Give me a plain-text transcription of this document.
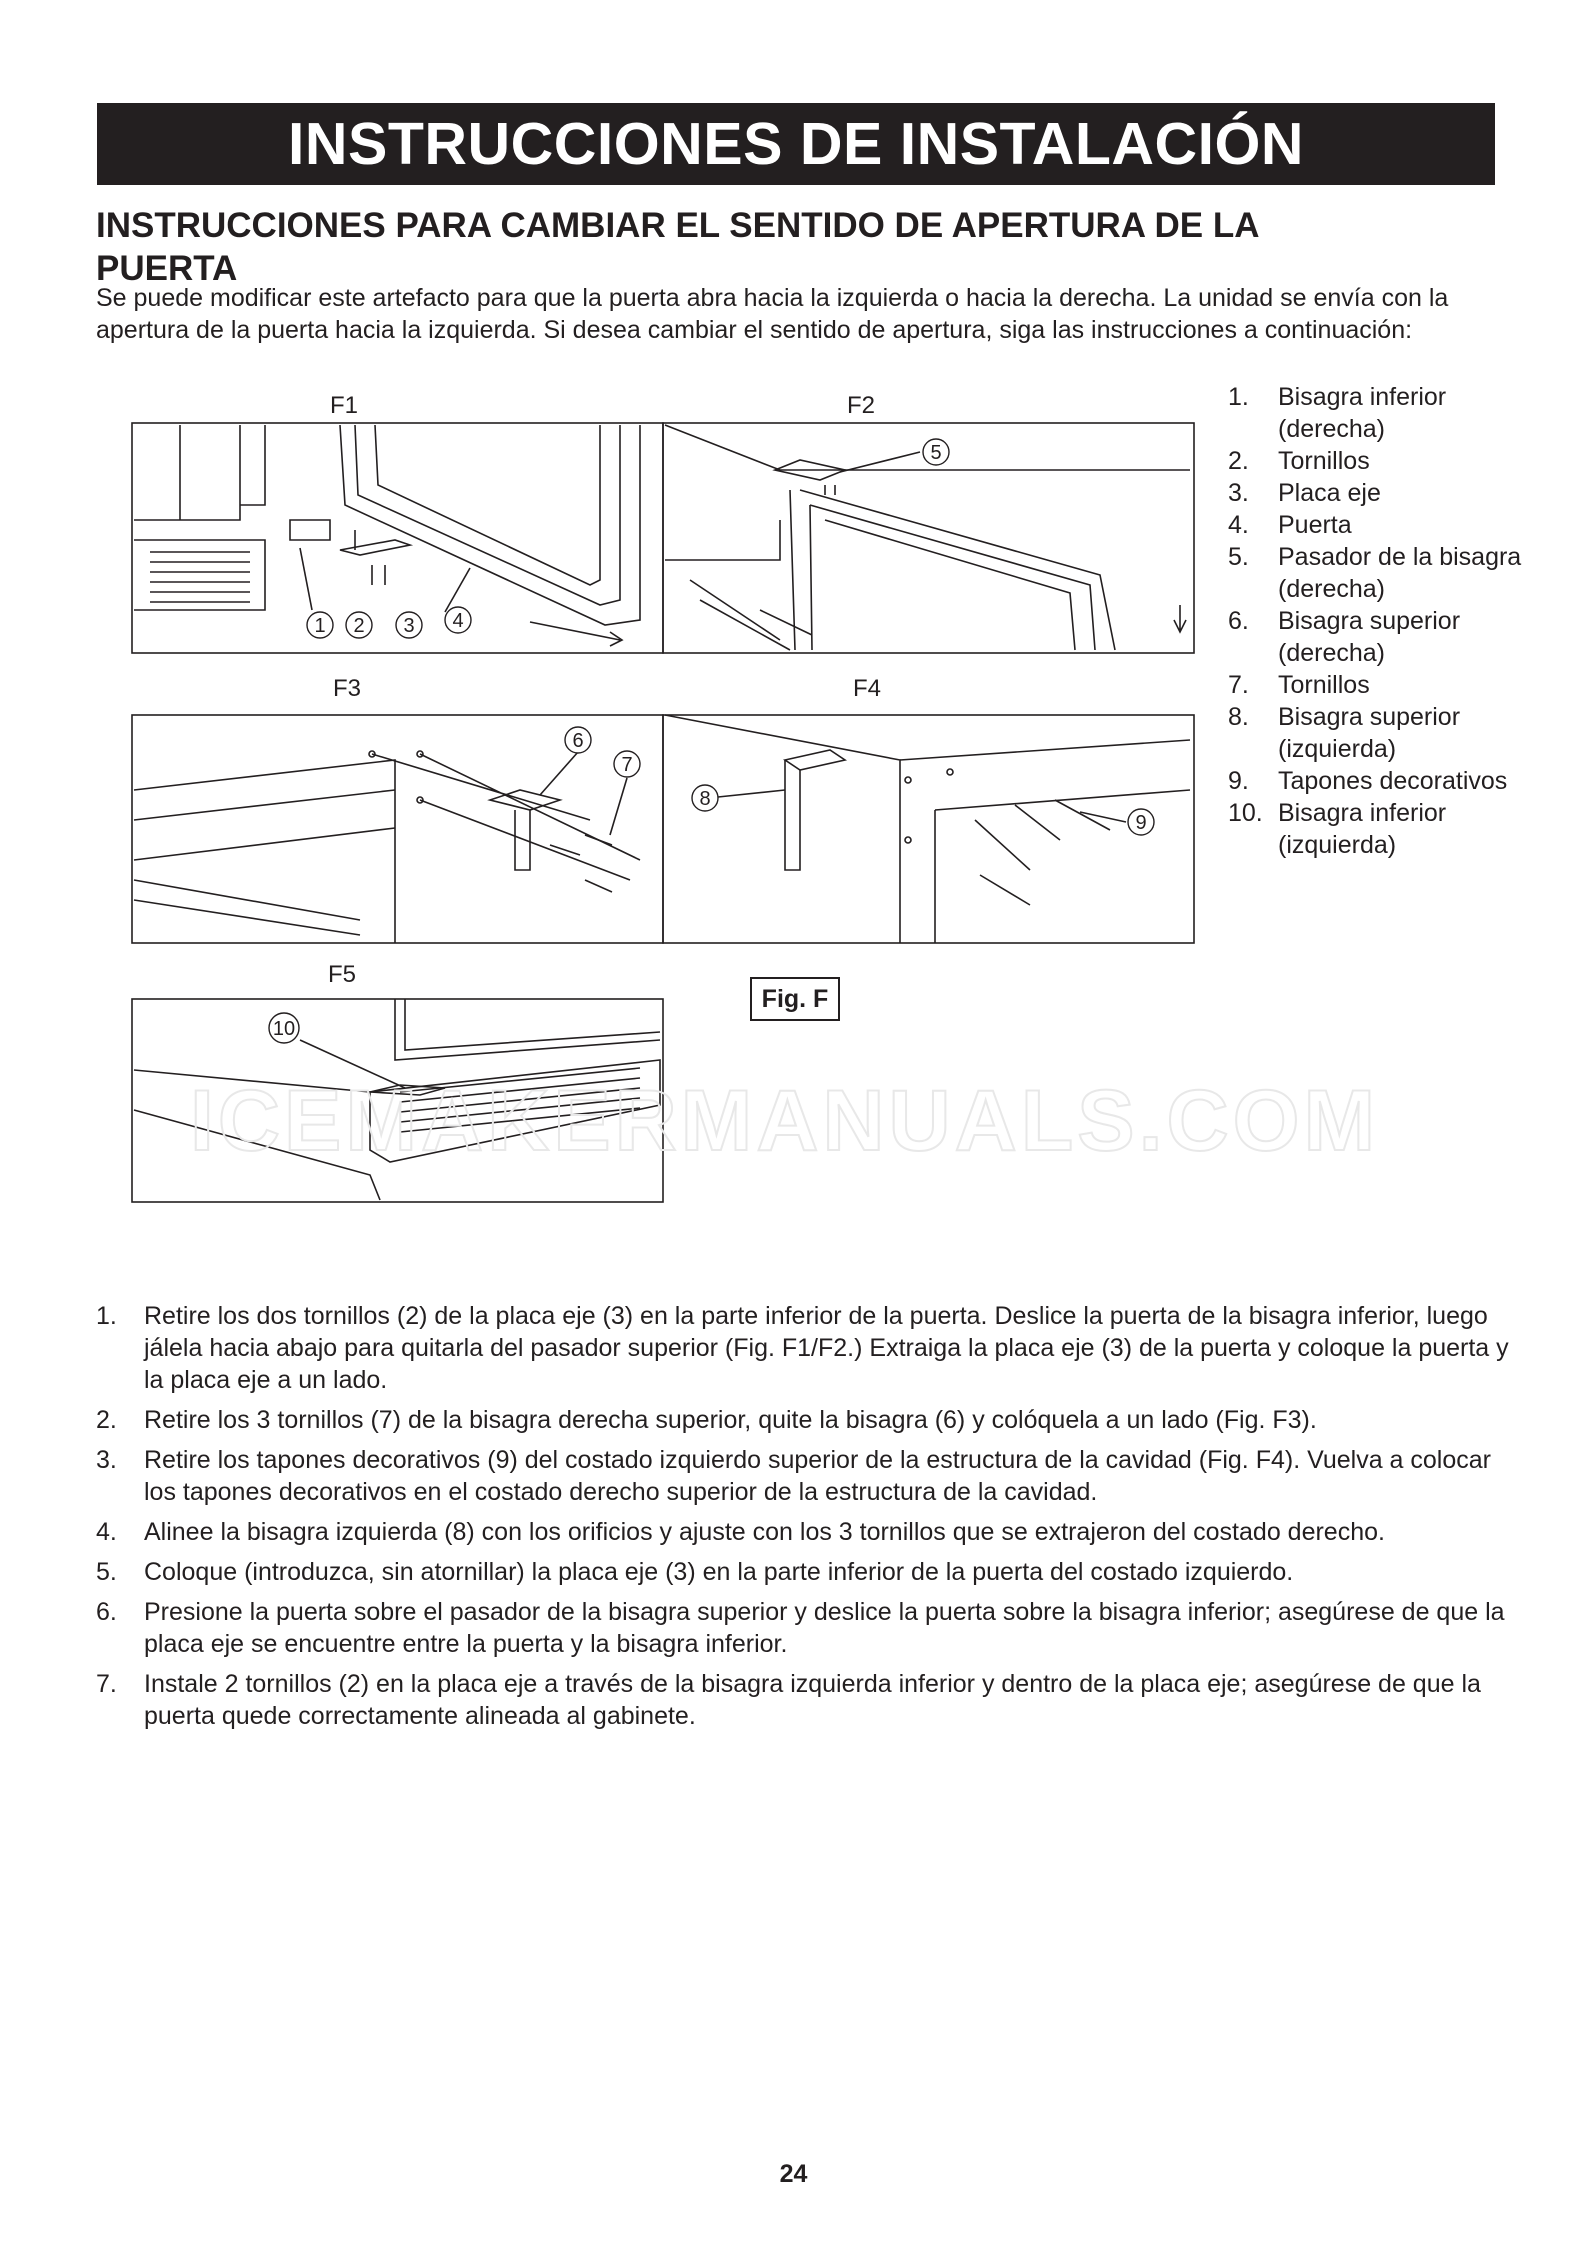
INSTRUCCIONES DE INSTALACIÓN
INSTRUCCIONES PARA CAMBIAR EL SENTIDO DE APERTURA DE LA PUERTA

Se puede modificar este artefacto para que la puerta abra hacia la izquierda o hacia la derecha. La unidad se envía con la apertura de la puerta hacia la izquierda. Si desea cambiar el sentido de apertura, siga las instrucciones a continuación:

1.	Bisagra inferior (derecha)
2.	Tornillos
3.	Placa eje
4.	Puerta
5.	Pasador de la bisagra (derecha)
6.	Bisagra superior (derecha)
7.	Tornillos
8.	Bisagra superior (izquierda)
9.	Tapones decorativos
10. Bisagra inferior (izquierda)
F1	F2
F3	F4
F5
1 2 3 4
5
6
7
8
9
10
Fig. F
ICEMAKERMANUALS.COM
1.	Retire los dos tornillos (2) de la placa eje (3) en la parte inferior de la puerta. Deslice la puerta de la bisagra inferior, luego jálela hacia abajo para quitarla del pasador superior (Fig. F1/F2.) Extraiga la placa eje (3) de la puerta y coloque la puerta y la placa eje a un lado.
2.	Retire los 3 tornillos (7) de la bisagra derecha superior, quite la bisagra (6) y colóquela a un lado (Fig. F3).
3.	Retire los tapones decorativos (9) del costado izquierdo superior de la estructura de la cavidad (Fig. F4). Vuelva a colocar los tapones decorativos en el costado derecho superior de la estructura de la cavidad.
4.	Alinee la bisagra izquierda (8) con los orificios y ajuste con los 3 tornillos que se extrajeron del costado derecho.
5.	Coloque (introduzca, sin atornillar) la placa eje (3) en la parte inferior de la puerta del costado izquierdo.
6.	Presione la puerta sobre el pasador de la bisagra superior y deslice la puerta sobre la bisagra inferior; asegúrese de que la placa eje se encuentre entre la puerta y la bisagra inferior.
7.	Instale 2 tornillos (2) en la placa eje a través de la bisagra izquierda inferior y dentro de la placa eje; asegúrese de que la puerta quede correctamente alineada al gabinete.
24
